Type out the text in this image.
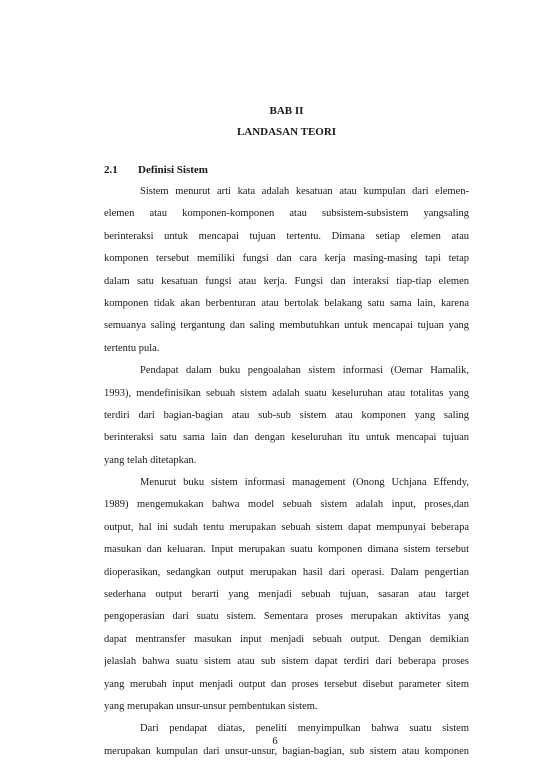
BAB II
LANDASAN TEORI
2.1	Definisi Sistem
Sistem menurut arti kata adalah kesatuan atau kumpulan dari elemen-
elemen atau komponen-komponen atau subsistem-subsistem yangsaling
berinteraksi untuk mencapai tujuan tertentu. Dimana setiap elemen atau
komponen tersebut memiliki fungsi dan cara kerja masing-masing tapi tetap
dalam satu kesatuan fungsi atau kerja. Fungsi dan interaksi tiap-tiap elemen
komponen tidak akan berbenturan atau bertolak belakang satu sama lain, karena
semuanya saling tergantung dan saling membutuhkan untuk mencapai tujuan yang
tertentu pula.
Pendapat dalam buku pengoalahan sistem informasi (Oemar Hamalik,
1993), mendefinisikan sebuah sistem adalah suatu keseluruhan atau totalitas yang
terdiri dari bagian-bagian atau sub-sub sistem atau komponen yang saling
berinteraksi satu sama lain dan dengan keseluruhan itu untuk mencapai tujuan
yang telah ditetapkan.
Menurut buku sistem informasi management (Onong Uchjana Effendy,
1989) mengemukakan bahwa model sebuah sistem adalah input, proses,dan
output, hal ini sudah tentu merupakan sebuah sistem dapat mempunyai beberapa
masukan dan keluaran. Input merupakan suatu komponen dimana sistem tersebut
dioperasikan, sedangkan output merupakan hasil dari operasi. Dalam pengertian
sederhana output berarti yang menjadi sebuah tujuan, sasaran atau target
pengoperasian dari suatu sistem. Sementara proses merupakan aktivitas yang
dapat mentransfer masukan input menjadi sebuah output. Dengan demikian
jelaslah bahwa suatu sistem atau sub sistem dapat terdiri dari beberapa proses
yang merubah input menjadi output dan proses tersebut disebut parameter sitem
yang merupakan unsur-unsur pembentukan sistem.
Dari pendapat diatas, peneliti menyimpulkan bahwa suatu sistem
merupakan kumpulan dari unsur-unsur, bagian-bagian, sub sistem atau komponen
6
